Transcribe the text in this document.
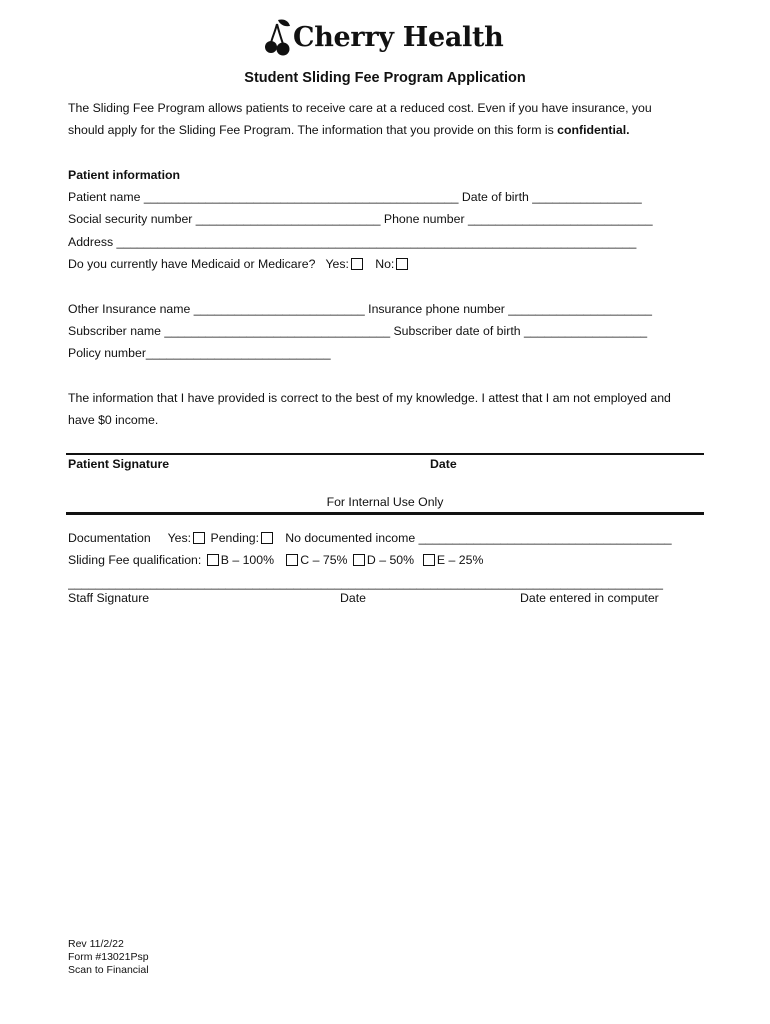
Cherry Health
Student Sliding Fee Program Application
The Sliding Fee Program allows patients to receive care at a reduced cost. Even if you have insurance, you
should apply for the Sliding Fee Program. The information that you provide on this form is confidential.
Patient information
Patient name ______________________________________________ Date of birth ________________
Social security number ___________________________ Phone number ___________________________
Address ____________________________________________________________________________
Do you currently have Medicaid or Medicare? Yes: No:
Other Insurance name _________________________ Insurance phone number _____________________
Subscriber name _________________________________ Subscriber date of birth __________________
Policy number___________________________
The information that I have provided is correct to the best of my knowledge. I attest that I am not employed and
have $0 income.
Patient Signature	Date
For Internal Use Only
Documentation Yes: Pending: No documented income _____________________________________
Sliding Fee qualification: B – 100% C – 75% D – 50% E – 25%
_______________________________________________________________________________________
Staff Signature	Date	Date entered in computer
Rev 11/2/22
Form #13021Psp
Scan to Financial
